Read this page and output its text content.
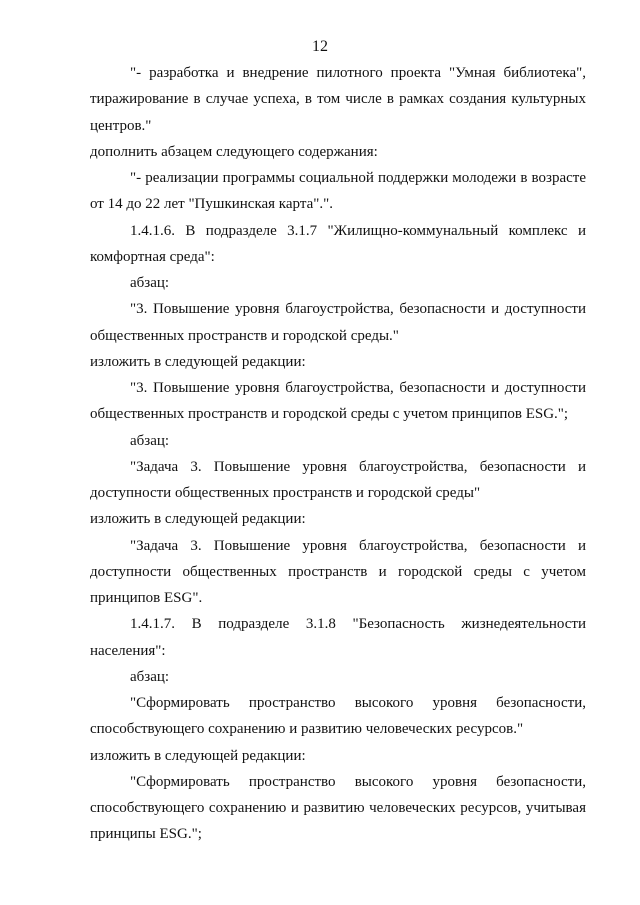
12
"- разработка и внедрение пилотного проекта "Умная библиотека",
тиражирование в случае успеха, в том числе в рамках создания культурных
центров."
дополнить абзацем следующего содержания:
"- реализации программы социальной поддержки молодежи в возрасте
от 14 до 22 лет "Пушкинская карта".".
1.4.1.6. В подразделе 3.1.7 "Жилищно-коммунальный комплекс и
комфортная среда":
абзац:
"3. Повышение уровня благоустройства, безопасности и доступности
общественных пространств и городской среды."
изложить в следующей редакции:
"3. Повышение уровня благоустройства, безопасности и доступности
общественных пространств и городской среды с учетом принципов ESG.";
абзац:
"Задача 3. Повышение уровня благоустройства, безопасности и
доступности общественных пространств и городской среды"
изложить в следующей редакции:
"Задача 3. Повышение уровня благоустройства, безопасности и
доступности общественных пространств и городской среды с учетом
принципов ESG".
1.4.1.7. В подразделе 3.1.8 "Безопасность жизнедеятельности
населения":
абзац:
"Сформировать пространство высокого уровня безопасности,
способствующего сохранению и развитию человеческих ресурсов."
изложить в следующей редакции:
"Сформировать пространство высокого уровня безопасности,
способствующего сохранению и развитию человеческих ресурсов, учитывая
принципы ESG.";
